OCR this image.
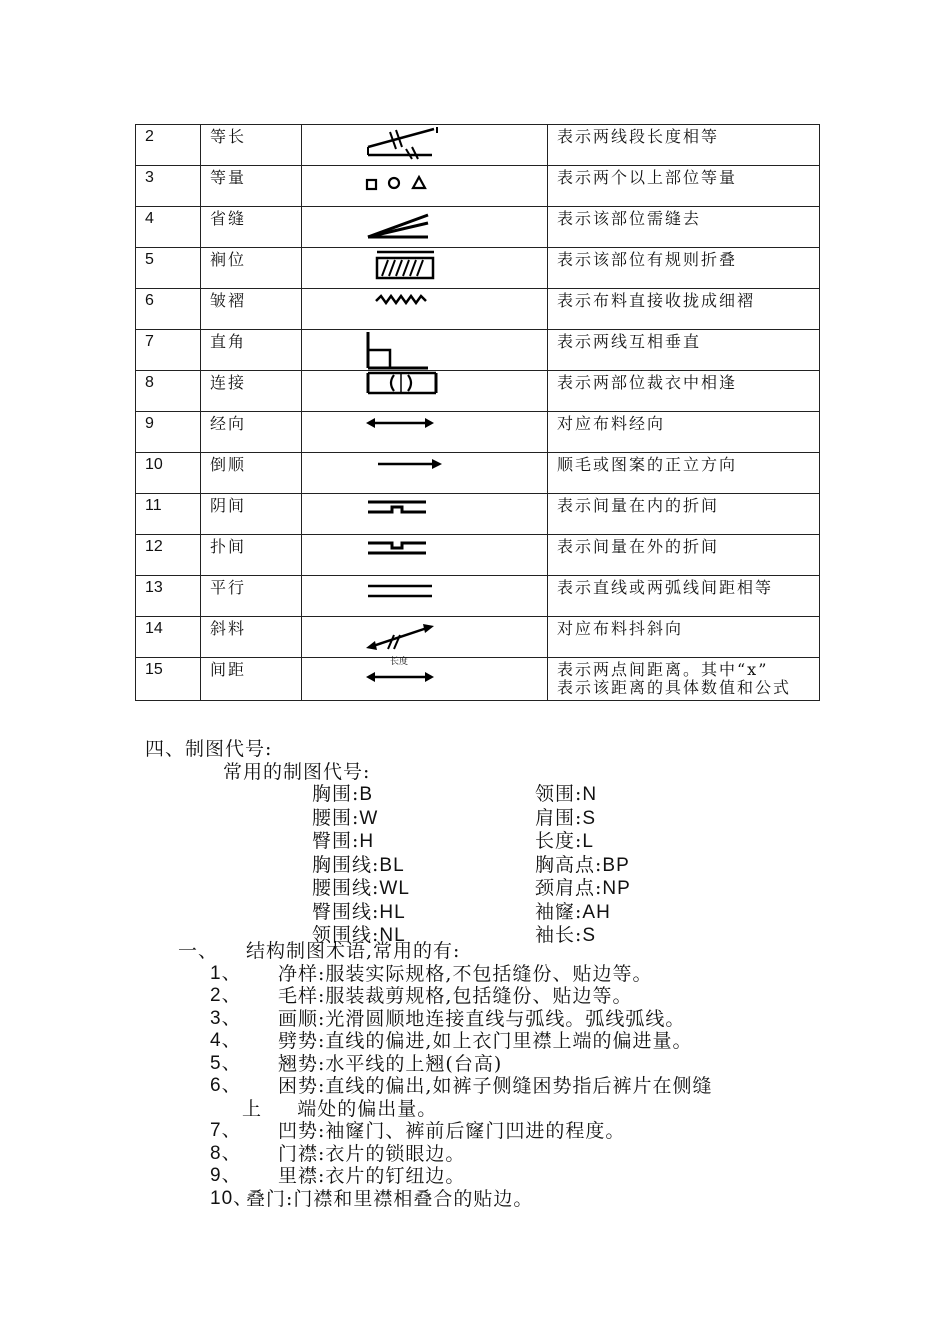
2	等长		表示两线段长度相等

3	等量		表示两个以上部位等量

4	省缝		表示该部位需缝去

5	裥位		表示该部位有规则折叠

6	皱褶		表示布料直接收拢成细褶

7	直角		表示两线互相垂直

8	连接		表示两部位裁衣中相逢

9	经向		对应布料经向

10	倒顺		顺毛或图案的正立方向

11	阴间		表示间量在内的折间

12	扑间		表示间量在外的折间

13	平行		表示直线或两弧线间距相等

14	斜料		对应布料抖斜向

15	间距	长度	表示两点间距离。其中“x”
表示该距离的具体数值和公式
四、制图代号:
常用的制图代号:
胸围:B
腰围:W
臀围:H
胸围线:BL
腰围线:WL
臀围线:HL
领围线:NL
领围:N
肩围:S
长度:L
胸高点:BP
颈肩点:NP
袖窿:AH
袖长:S
一、 结构制图术语,常用的有:
1、 净样:服装实际规格,不包括缝份、贴边等。
2、 毛样:服装裁剪规格,包括缝份、贴边等。
3、 画顺:光滑圆顺地连接直线与弧线。弧线弧线。
4、 劈势:直线的偏进,如上衣门里襟上端的偏进量。
5、 翘势:水平线的上翘(台高)
6、 困势:直线的偏出,如裤子侧缝困势指后裤片在侧缝
上     端处的偏出量。
7、 凹势:袖窿门、裤前后窿门凹进的程度。
8、 门襟:衣片的锁眼边。
9、 里襟:衣片的钉纽边。
10、
叠门:门襟和里襟相叠合的贴边。
